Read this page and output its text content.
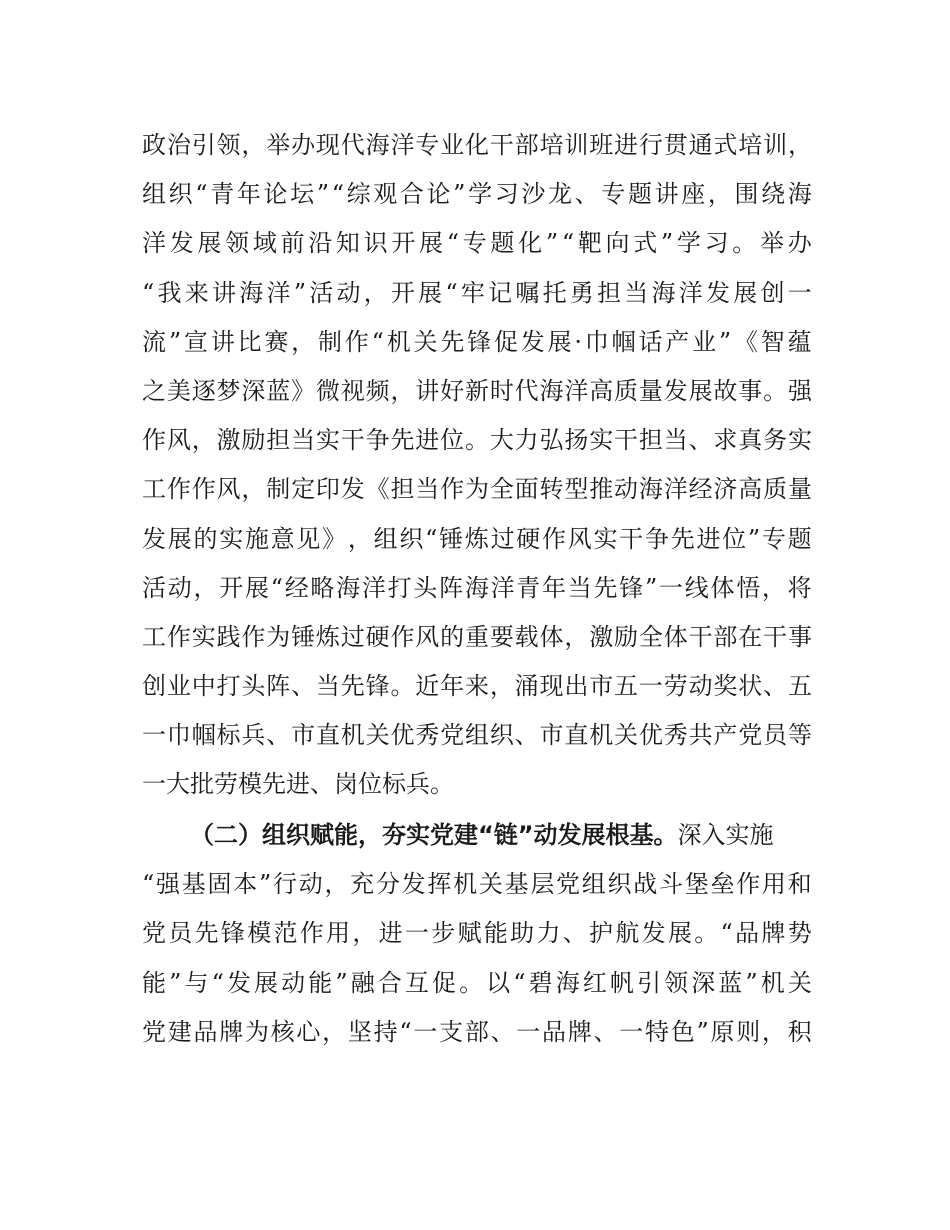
政 治 引 领 ， 举 办 现 代 海 洋 专 业 化 干 部 培 训 班 进 行 贯 通 式 培 训 ，
组 织 “ 青 年 论 坛 ” “ 综 观 合 论 ” 学 习 沙 龙 、 专 题 讲 座 ， 围 绕 海
洋 发 展 领 域 前 沿 知 识 开 展 “ 专 题 化 ” “ 靶 向 式 ” 学 习 。 举 办
“ 我 来 讲 海 洋 ” 活 动 ， 开 展 “ 牢 记 嘱 托 勇 担 当 海 洋 发 展 创 一
流 ” 宣 讲 比 赛 ， 制 作 “ 机 关 先 锋 促 发 展 · 巾 帼 话 产 业 ” 《 智 蕴
之 美 逐 梦 深 蓝 》 微 视 频 ， 讲 好 新 时 代 海 洋 高 质 量 发 展 故 事 。 强
作 风 ， 激 励 担 当 实 干 争 先 进 位 。 大 力 弘 扬 实 干 担 当 、 求 真 务 实
工 作 作 风 ， 制 定 印 发 《 担 当 作 为 全 面 转 型 推 动 海 洋 经 济 高 质 量
发 展 的 实 施 意 见 》 ， 组 织 “ 锤 炼 过 硬 作 风 实 干 争 先 进 位 ” 专 题
活 动 ， 开 展 “ 经 略 海 洋 打 头 阵 海 洋 青 年 当 先 锋 ” 一 线 体 悟 ， 将
工 作 实 践 作 为 锤 炼 过 硬 作 风 的 重 要 载 体 ， 激 励 全 体 干 部 在 干 事
创 业 中 打 头 阵 、 当 先 锋 。 近 年 来 ， 涌 现 出 市 五 一 劳 动 奖 状 、 五
一 巾 帼 标 兵 、 市 直 机 关 优 秀 党 组 织 、 市 直 机 关 优 秀 共 产 党 员 等
一大批劳模先进、岗位标兵。
（二）组织赋能，夯实党建“链”动发展根基。 深入实施
“ 强 基 固 本 ” 行 动 ， 充 分 发 挥 机 关 基 层 党 组 织 战 斗 堡 垒 作 用 和
党 员 先 锋 模 范 作 用 ， 进 一 步 赋 能 助 力 、 护 航 发 展 。 “ 品 牌 势
能 ” 与 “ 发 展 动 能 ” 融 合 互 促 。 以 “ 碧 海 红 帆 引 领 深 蓝 ” 机 关
党 建 品 牌 为 核 心 ， 坚 持 “ 一 支 部 、 一 品 牌 、 一 特 色 ” 原 则 ， 积
